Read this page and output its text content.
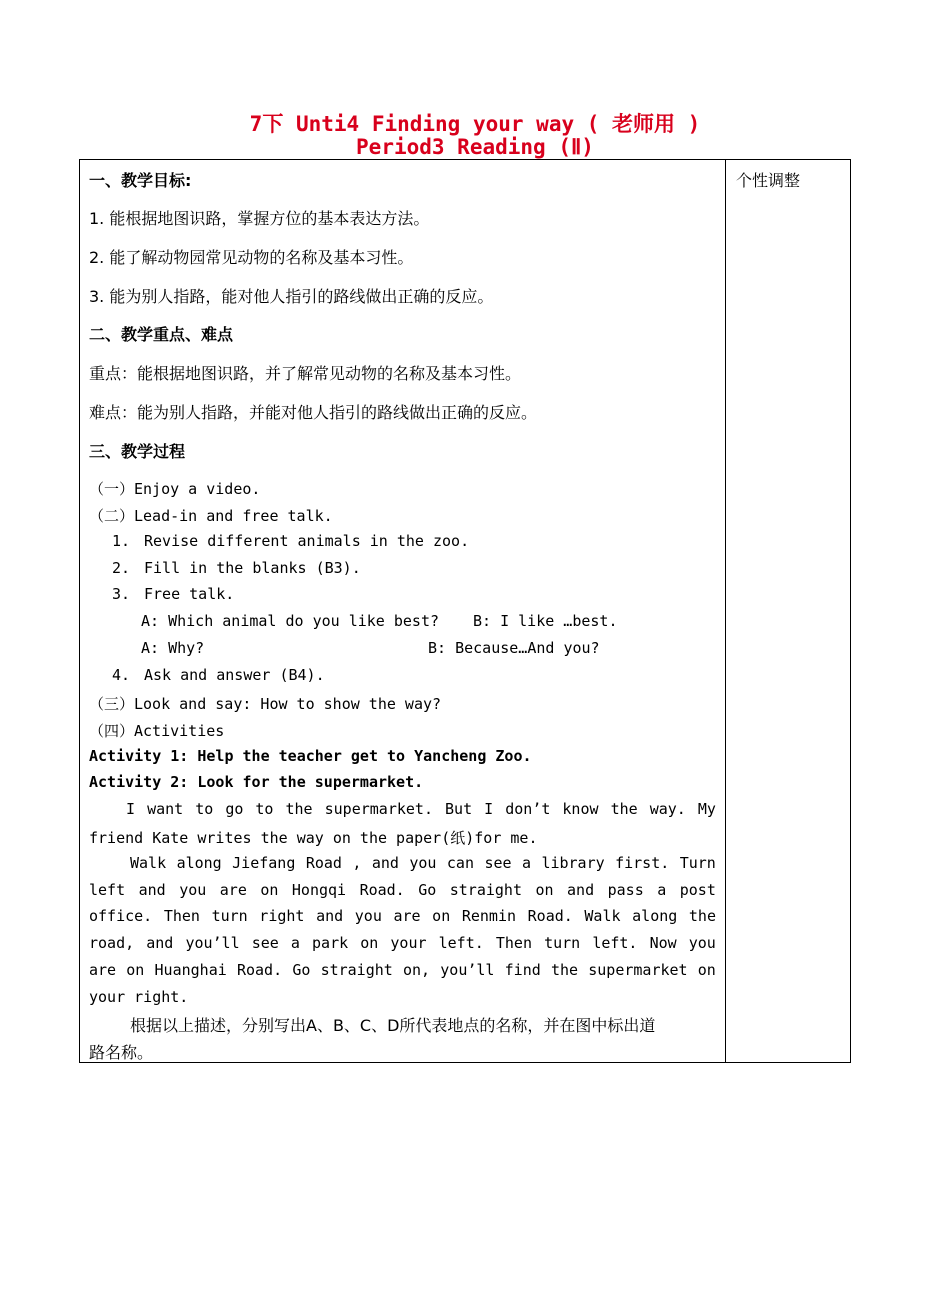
7下 Unti4 Finding your way ( 老师用 )
Period3 Reading (Ⅱ)
一、教学目标:
1. 能根据地图识路，掌握方位的基本表达方法。
2. 能了解动物园常见动物的名称及基本习性。
3. 能为别人指路，能对他人指引的路线做出正确的反应。
二、教学重点、难点
重点：能根据地图识路，并了解常见动物的名称及基本习性。
难点：能为别人指路，并能对他人指引的路线做出正确的反应。
三、教学过程
（一）Enjoy a video.
（二）Lead-in and free talk.
1. Revise different animals in the zoo.
2. Fill in the blanks (B3).
3. Free talk.
A: Which animal do you like best? B: I like …best.
A: Why?	B: Because…And you?
4. Ask and answer (B4).
（三）Look and say: How to show the way?
（四）Activities
Activity 1: Help the teacher get to Yancheng Zoo.
Activity 2: Look for the supermarket.
I want to go to the supermarket. But I don’t know the way. My
friend Kate writes the way on the paper(纸)for me.
Walk along Jiefang Road , and you can see a library first. Turn
left and you are on Hongqi Road. Go straight on and pass a post
office. Then turn right and you are on Renmin Road. Walk along the
road, and you’ll see a park on your left. Then turn left. Now you
are on Huanghai Road. Go straight on, you’ll find the supermarket on
your right.
根据以上描述，分别写出A、B、C、D所代表地点的名称，并在图中标出道
路名称。

个性调整
